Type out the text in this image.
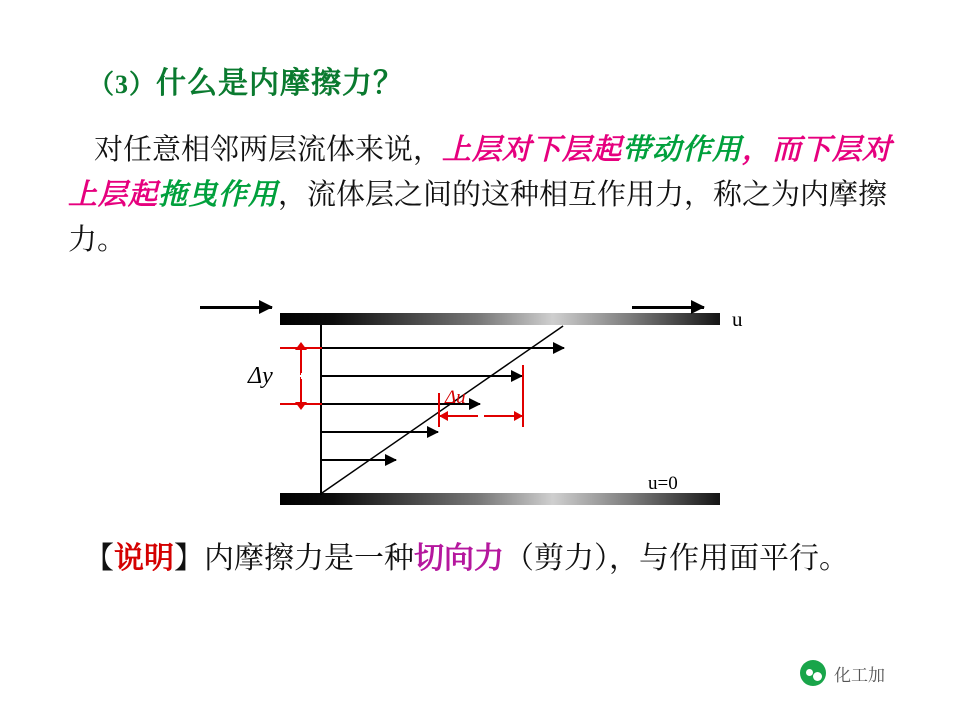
（3）什么是内摩擦力？
对任意相邻两层流体来说，上层对下层起带动作用，而下层对上层起拖曳作用，流体层之间的这种相互作用力，称之为内摩擦力。
u
u=0
Δy
Δu
【说明】内摩擦力是一种切向力（剪力），与作用面平行。
化工加
